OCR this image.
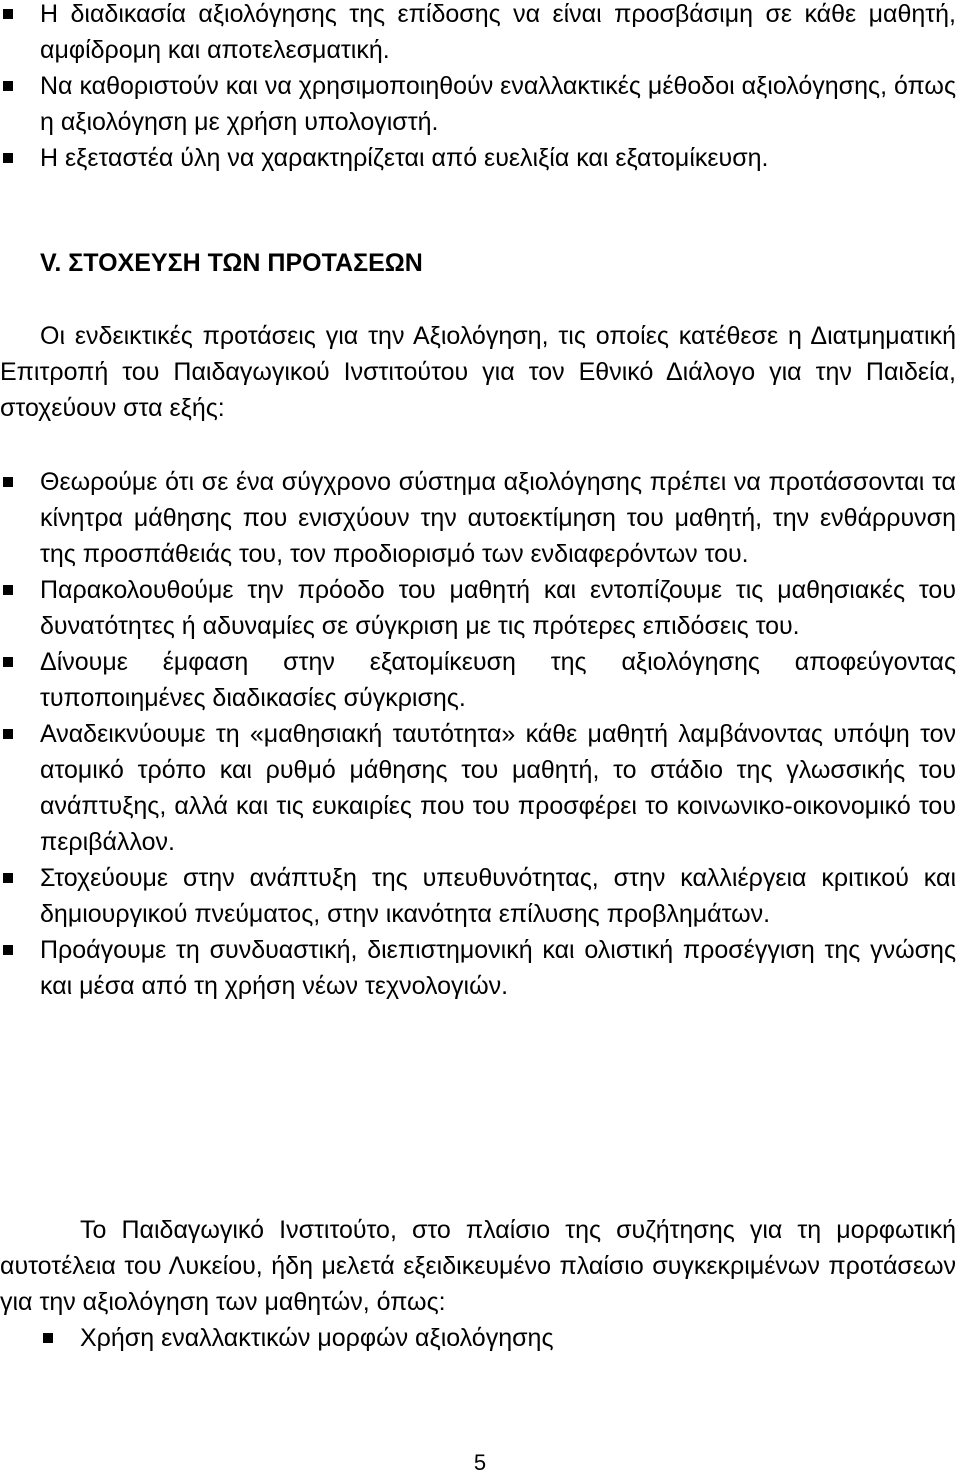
Η διαδικασία αξιολόγησης της επίδοσης να είναι προσβάσιμη σε κάθε μαθητή, αμφίδρομη και αποτελεσματική.
Να καθοριστούν και να χρησιμοποιηθούν εναλλακτικές μέθοδοι αξιολόγησης, όπως η αξιολόγηση με χρήση υπολογιστή.
Η εξεταστέα ύλη να χαρακτηρίζεται από ευελιξία και εξατομίκευση.
V. ΣΤΟΧΕΥΣΗ ΤΩΝ ΠΡΟΤΑΣΕΩΝ

Οι ενδεικτικές προτάσεις για την Αξιολόγηση, τις οποίες κατέθεσε η Διατμηματική Επιτροπή του Παιδαγωγικού Ινστιτούτου για τον Εθνικό Διάλογο για την Παιδεία, στοχεύουν στα εξής:

Θεωρούμε ότι σε ένα σύγχρονο σύστημα αξιολόγησης πρέπει να προτάσσονται τα κίνητρα μάθησης που ενισχύουν την αυτοεκτίμηση του μαθητή, την ενθάρρυνση της προσπάθειάς του, τον προδιορισμό των ενδιαφερόντων του.
Παρακολουθούμε την πρόοδο του μαθητή και εντοπίζουμε τις μαθησιακές του δυνατότητες ή αδυναμίες σε σύγκριση με τις πρότερες επιδόσεις του.
Δίνουμε έμφαση στην εξατομίκευση της αξιολόγησης αποφεύγοντας τυποποιημένες διαδικασίες σύγκρισης.
Αναδεικνύουμε τη «μαθησιακή ταυτότητα» κάθε μαθητή λαμβάνοντας υπόψη τον ατομικό τρόπο και ρυθμό μάθησης του μαθητή, το στάδιο της γλωσσικής του ανάπτυξης, αλλά και τις ευκαιρίες που του προσφέρει το κοινωνικο-οικονομικό του περιβάλλον.
Στοχεύουμε στην ανάπτυξη της υπευθυνότητας, στην καλλιέργεια κριτικού και δημιουργικού πνεύματος, στην ικανότητα επίλυσης προβλημάτων.
Προάγουμε τη συνδυαστική, διεπιστημονική και ολιστική προσέγγιση της γνώσης και μέσα από τη χρήση νέων τεχνολογιών.

Το Παιδαγωγικό Ινστιτούτο, στο πλαίσιο της συζήτησης για τη μορφωτική αυτοτέλεια του Λυκείου, ήδη μελετά εξειδικευμένο πλαίσιο συγκεκριμένων προτάσεων για την αξιολόγηση των μαθητών, όπως:

Χρήση εναλλακτικών μορφών αξιολόγησης
5
